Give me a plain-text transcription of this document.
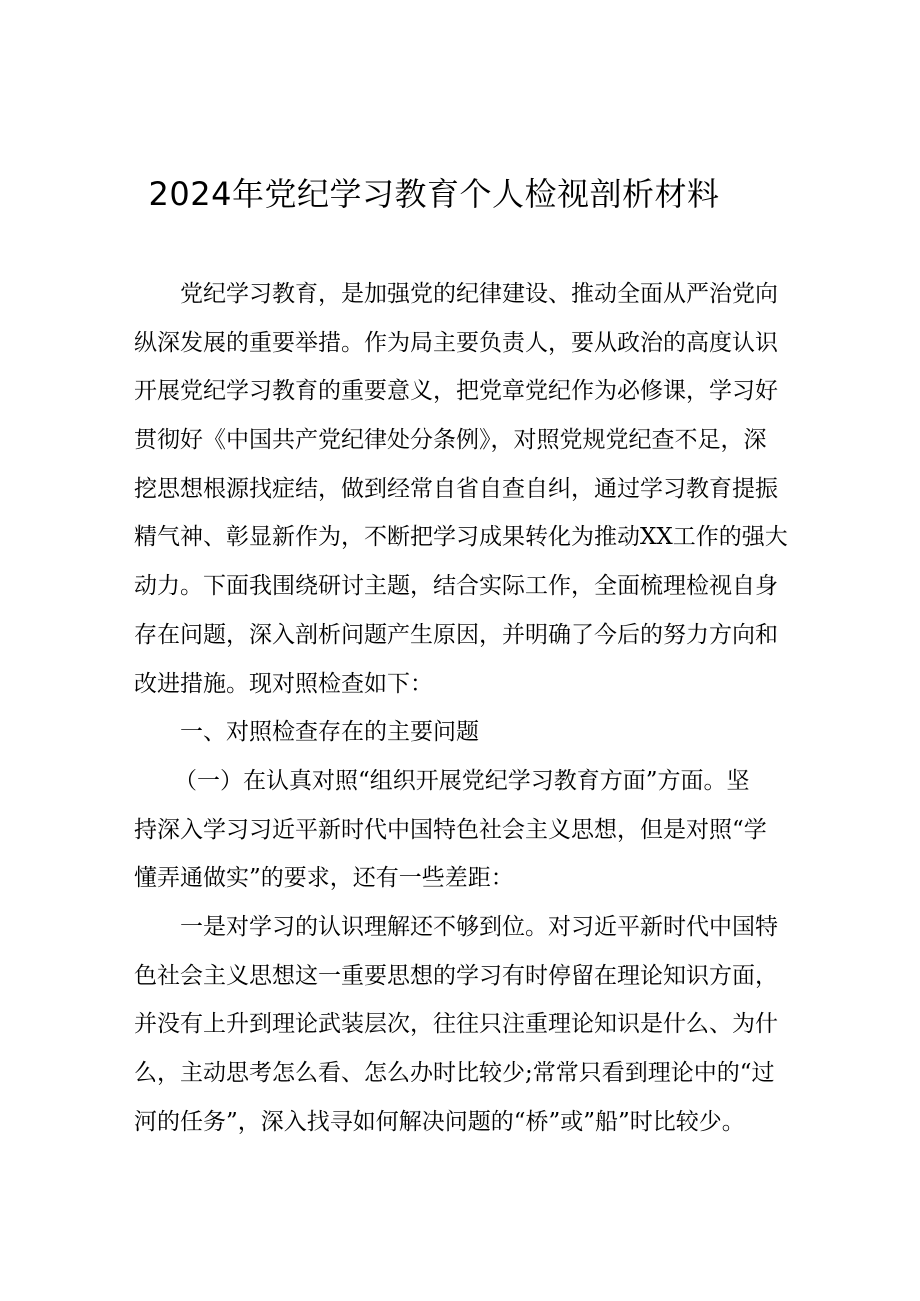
2024年党纪学习教育个人检视剖析材料
党纪学习教育，是加强党的纪律建设、推动全面从严治党向
纵深发展的重要举措。作为局主要负责人，要从政治的高度认识
开展党纪学习教育的重要意义，把党章党纪作为必修课，学习好
贯彻好《中国共产党纪律处分条例》，对照党规党纪查不足，深
挖思想根源找症结，做到经常自省自查自纠，通过学习教育提振
精气神、彰显新作为，不断把学习成果转化为推动XX工作的强大
动力。下面我围绕研讨主题，结合实际工作，全面梳理检视自身
存在问题，深入剖析问题产生原因，并明确了今后的努力方向和
改进措施。现对照检查如下：
一、对照检查存在的主要问题
（一）在认真对照“组织开展党纪学习教育方面”方面。坚
持深入学习习近平新时代中国特色社会主义思想，但是对照“学
懂弄通做实”的要求，还有一些差距：
一是对学习的认识理解还不够到位。对习近平新时代中国特
色社会主义思想这一重要思想的学习有时停留在理论知识方面，
并没有上升到理论武装层次，往往只注重理论知识是什么、为什
么，主动思考怎么看、怎么办时比较少;常常只看到理论中的“过
河的任务”，深入找寻如何解决问题的“桥”或”船”时比较少。
